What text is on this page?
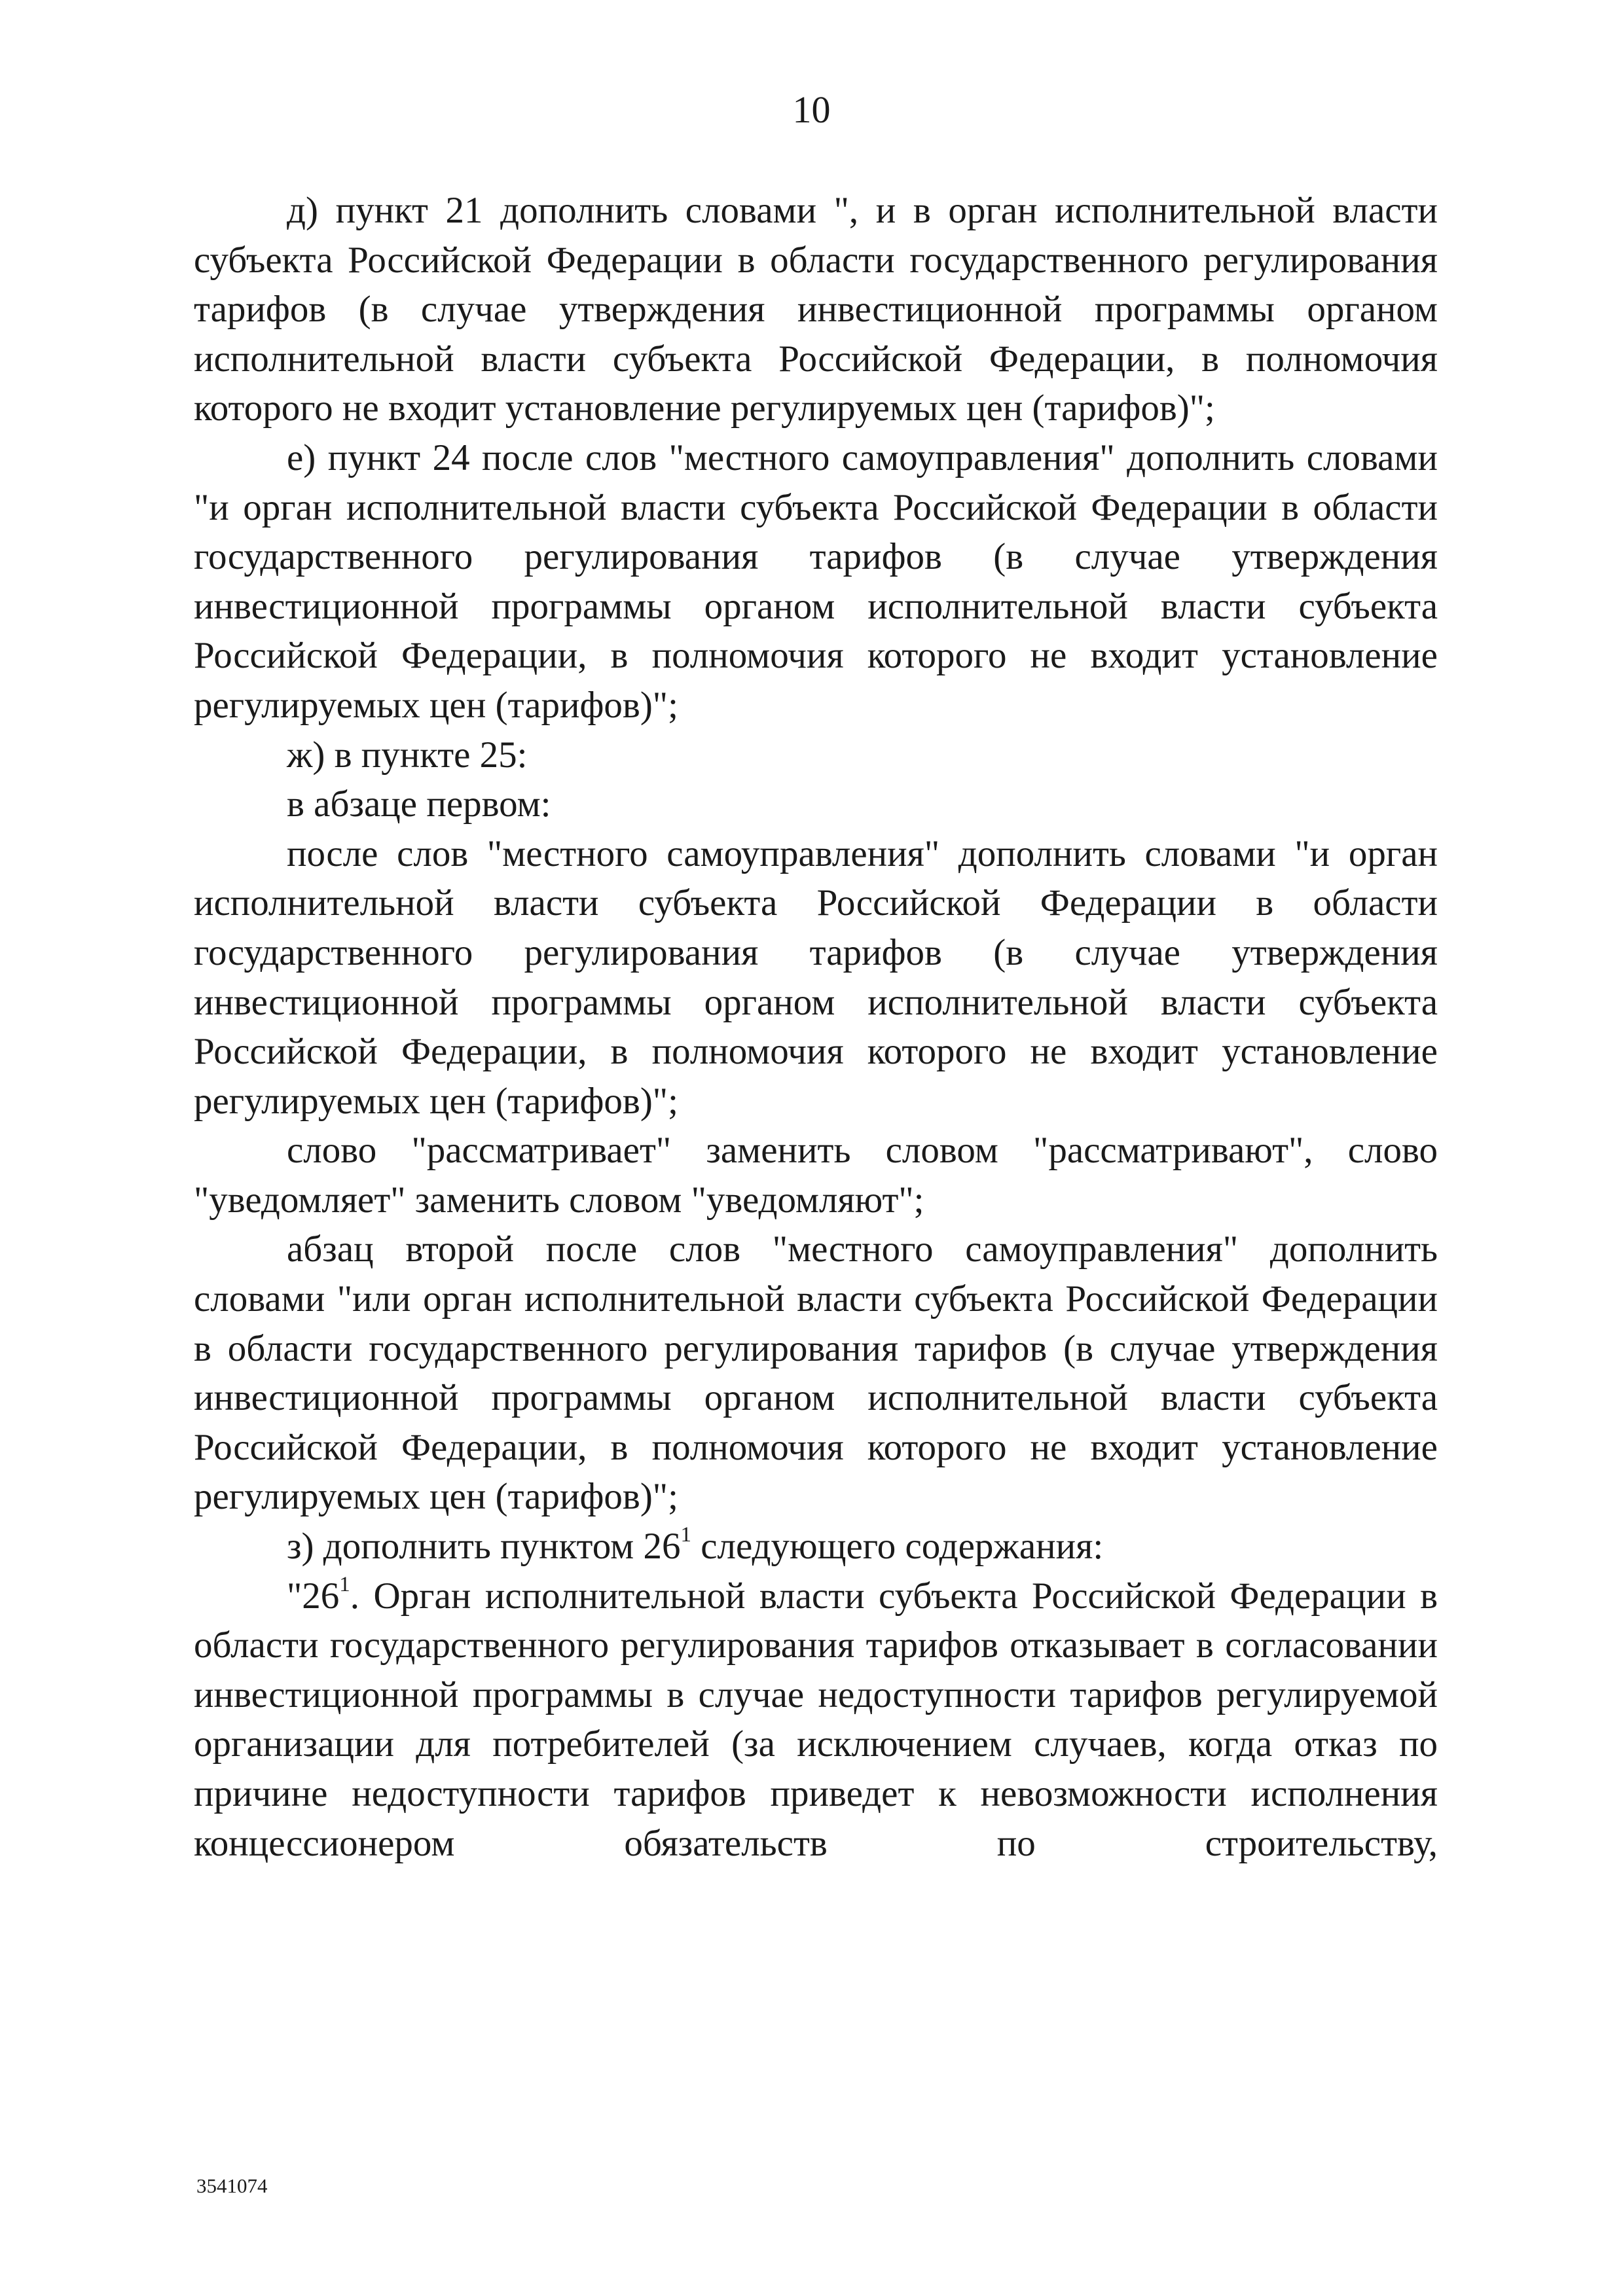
10

д) пункт 21 дополнить словами ", и в орган исполнительной власти субъекта Российской Федерации в области государственного регулирования тарифов (в случае утверждения инвестиционной программы органом исполнительной власти субъекта Российской Федерации, в полномочия которого не входит установление регулируемых цен (тарифов)";

е) пункт 24 после слов "местного самоуправления" дополнить словами "и орган исполнительной власти субъекта Российской Федерации в области государственного регулирования тарифов (в случае утверждения инвестиционной программы органом исполнительной власти субъекта Российской Федерации, в полномочия которого не входит установление регулируемых цен (тарифов)";

ж) в пункте 25:

в абзаце первом:

после слов "местного самоуправления" дополнить словами "и орган исполнительной власти субъекта Российской Федерации в области государственного регулирования тарифов (в случае утверждения инвестиционной программы органом исполнительной власти субъекта Российской Федерации, в полномочия которого не входит установление регулируемых цен (тарифов)";

слово "рассматривает" заменить словом "рассматривают", слово "уведомляет" заменить словом "уведомляют";

абзац второй после слов "местного самоуправления" дополнить словами "или орган исполнительной власти субъекта Российской Федерации в области государственного регулирования тарифов (в случае утверждения инвестиционной программы органом исполнительной власти субъекта Российской Федерации, в полномочия которого не входит установление регулируемых цен (тарифов)";

з) дополнить пунктом $26^1$ следующего содержания:

"$26^1$. Орган исполнительной власти субъекта Российской Федерации в области государственного регулирования тарифов отказывает в согласовании инвестиционной программы в случае недоступности тарифов регулируемой организации для потребителей (за исключением случаев, когда отказ по причине недоступности тарифов приведет к невозможности исполнения концессионером обязательств по строительству,

3541074
